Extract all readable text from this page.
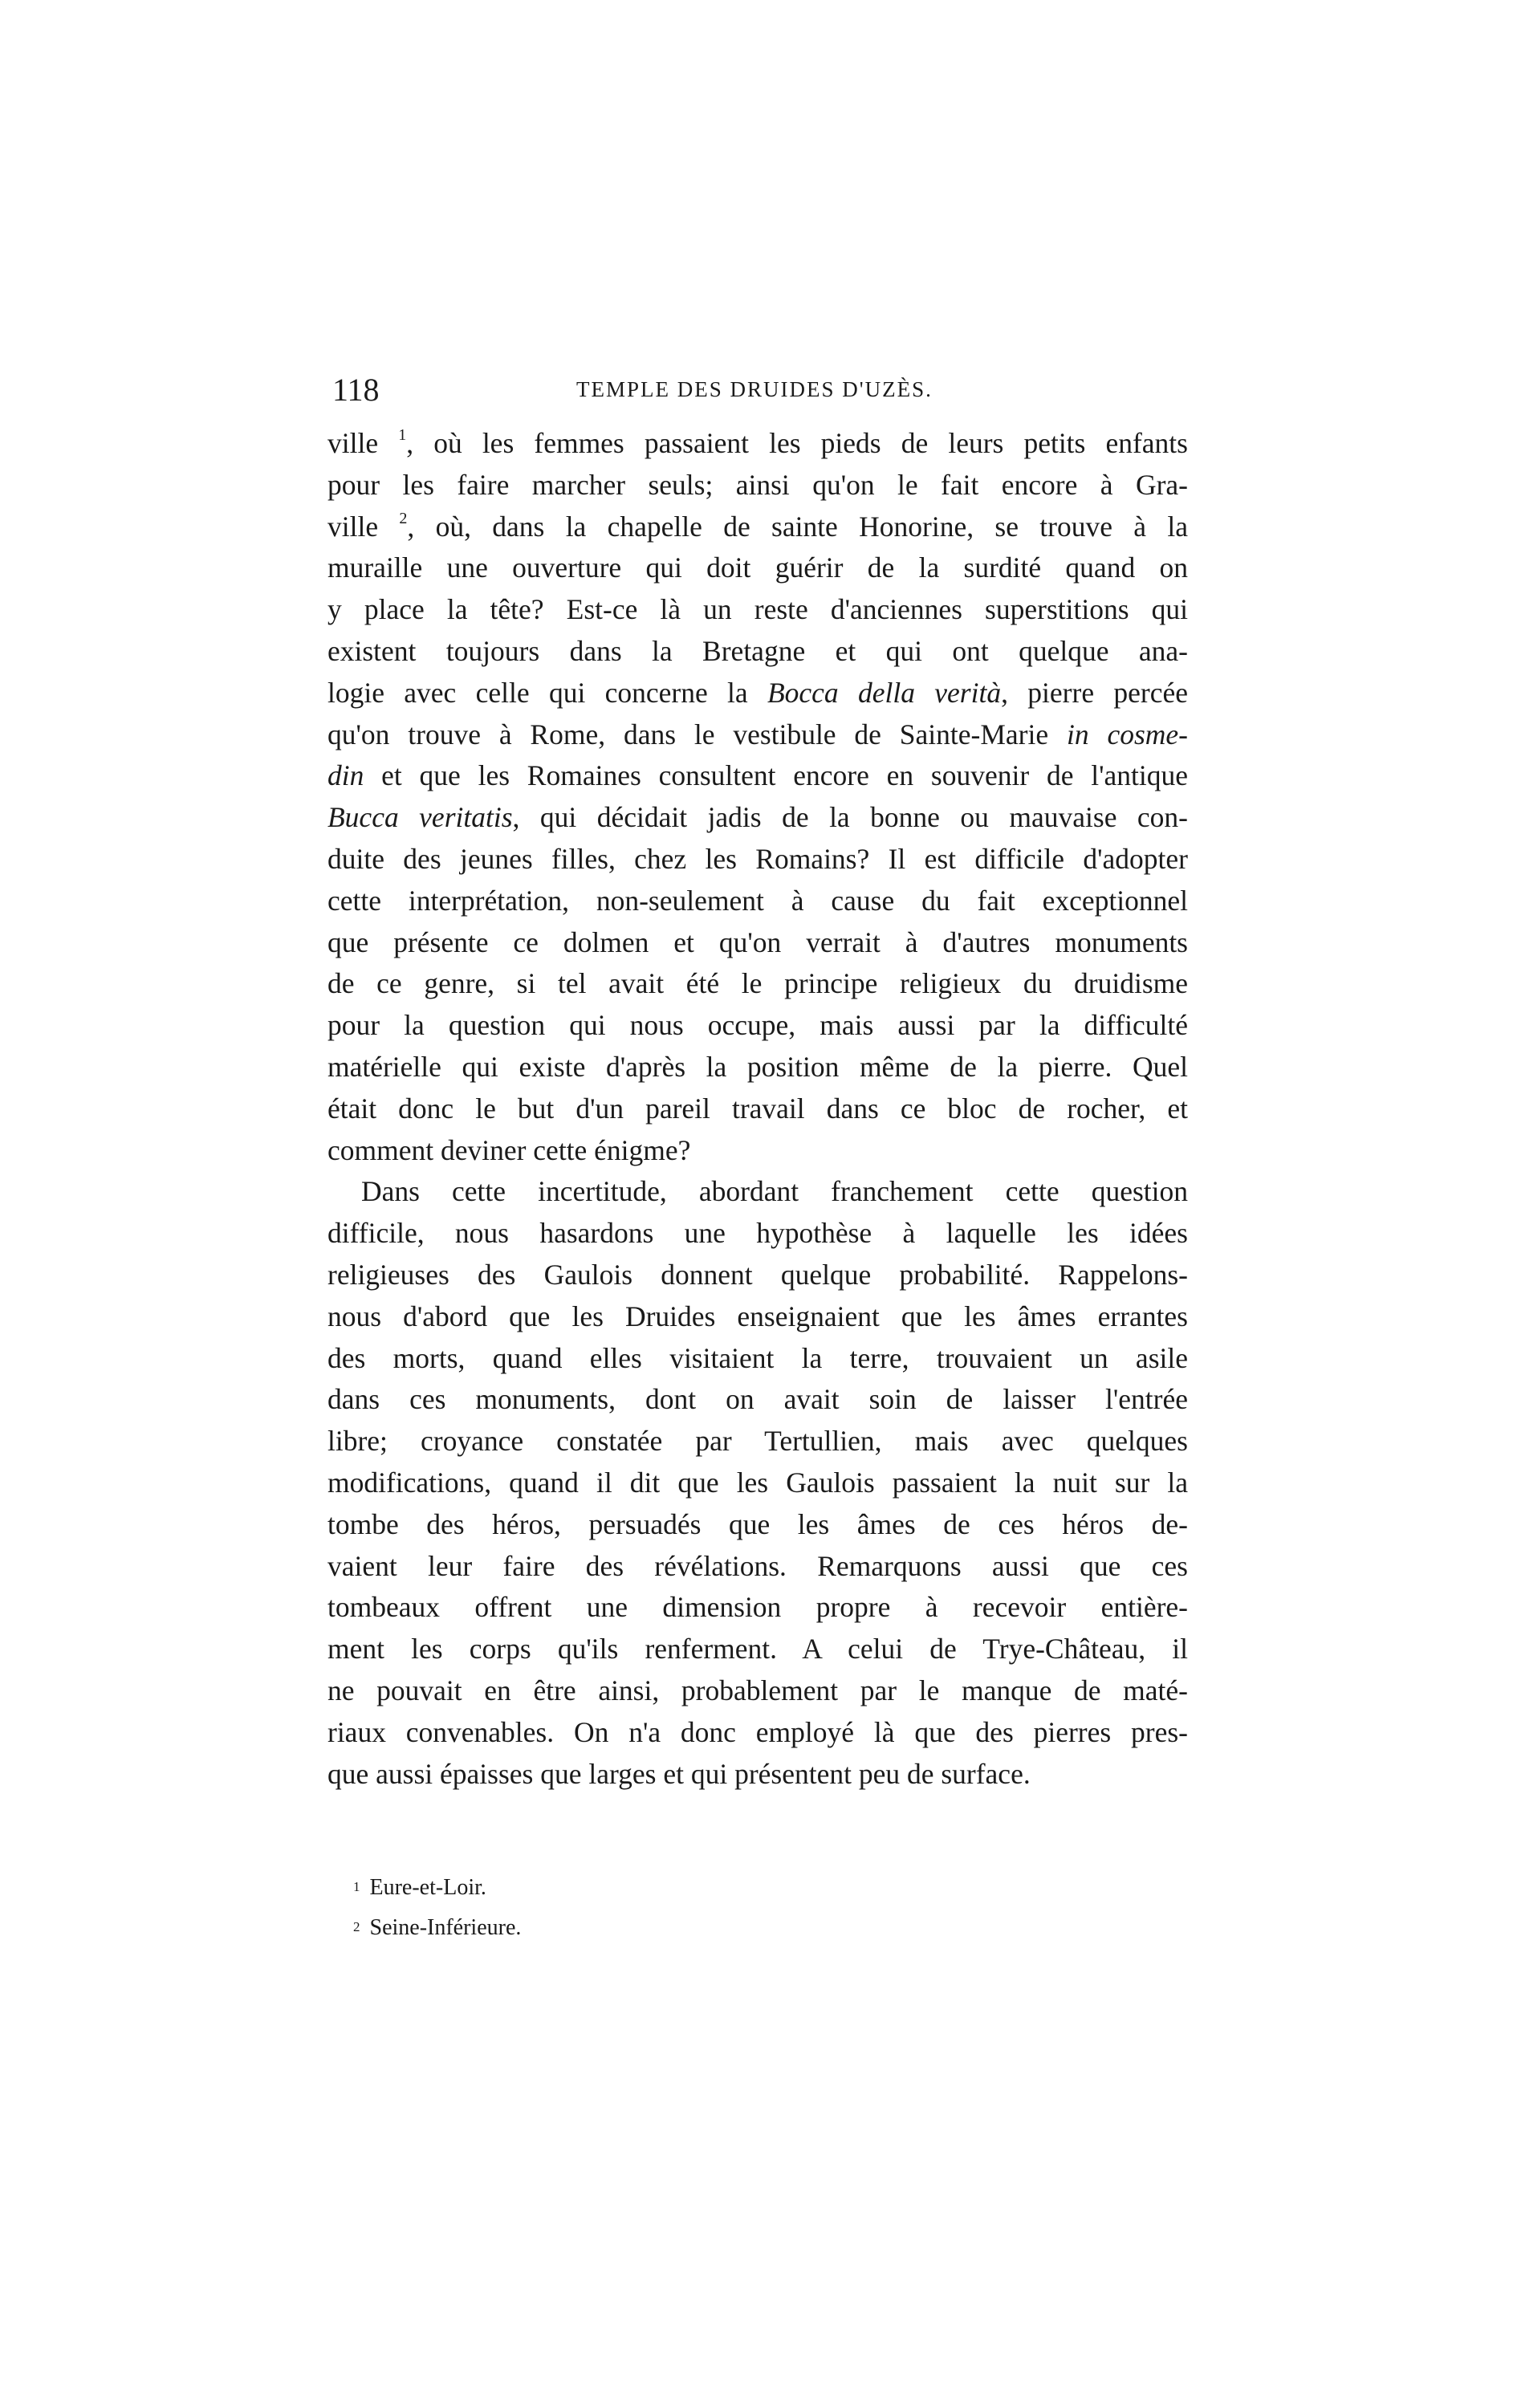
118	TEMPLE DES DRUIDES D'UZÈS.
ville $^1$, où les femmes passaient les pieds de leurs petits enfants
pour les faire marcher seuls; ainsi qu'on le fait encore à Gra-
ville $^2$, où, dans la chapelle de sainte Honorine, se trouve à la
muraille une ouverture qui doit guérir de la surdité quand on
y place la tête? Est-ce là un reste d'anciennes superstitions qui
existent toujours dans la Bretagne et qui ont quelque ana-
logie avec celle qui concerne la Bocca della verità, pierre percée
qu'on trouve à Rome, dans le vestibule de Sainte-Marie in cosme-
din et que les Romaines consultent encore en souvenir de l'antique
Bucca veritatis, qui décidait jadis de la bonne ou mauvaise con-
duite des jeunes filles, chez les Romains? Il est difficile d'adopter
cette interprétation, non-seulement à cause du fait exceptionnel
que présente ce dolmen et qu'on verrait à d'autres monuments
de ce genre, si tel avait été le principe religieux du druidisme
pour la question qui nous occupe, mais aussi par la difficulté
matérielle qui existe d'après la position même de la pierre. Quel
était donc le but d'un pareil travail dans ce bloc de rocher, et
comment deviner cette énigme?
Dans cette incertitude, abordant franchement cette question
difficile, nous hasardons une hypothèse à laquelle les idées
religieuses des Gaulois donnent quelque probabilité. Rappelons-
nous d'abord que les Druides enseignaient que les âmes errantes
des morts, quand elles visitaient la terre, trouvaient un asile
dans ces monuments, dont on avait soin de laisser l'entrée
libre; croyance constatée par Tertullien, mais avec quelques
modifications, quand il dit que les Gaulois passaient la nuit sur la
tombe des héros, persuadés que les âmes de ces héros de-
vaient leur faire des révélations. Remarquons aussi que ces
tombeaux offrent une dimension propre à recevoir entière-
ment les corps qu'ils renferment. A celui de Trye-Château, il
ne pouvait en être ainsi, probablement par le manque de maté-
riaux convenables. On n'a donc employé là que des pierres pres-
que aussi épaisses que larges et qui présentent peu de surface.
$^1$ Eure-et-Loir.
$^2$ Seine-Inférieure.
